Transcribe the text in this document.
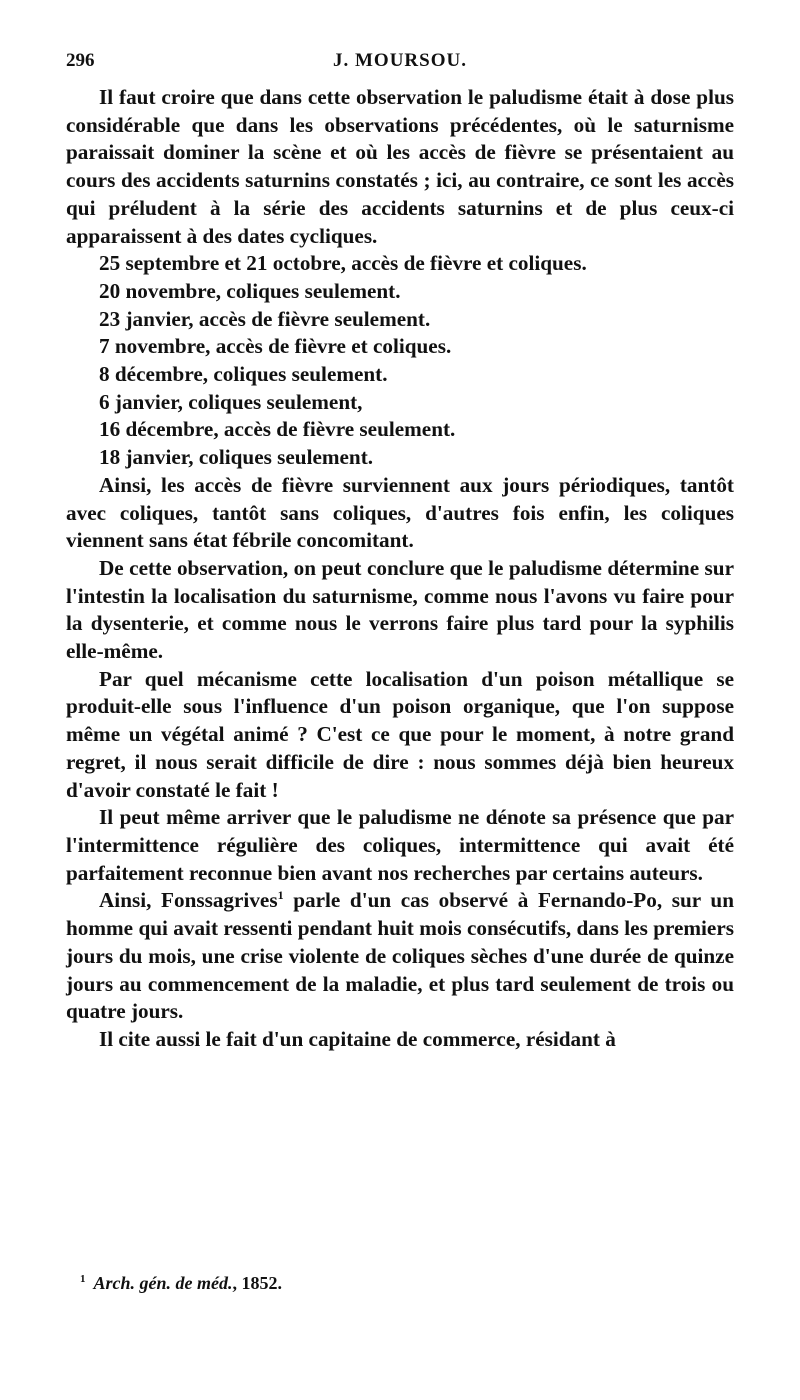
296	J. MOURSOU.

Il faut croire que dans cette observation le paludisme était à dose plus considérable que dans les observations précédentes, où le saturnisme paraissait dominer la scène et où les accès de fièvre se présentaient au cours des accidents saturnins constatés ; ici, au contraire, ce sont les accès qui préludent à la série des accidents saturnins et de plus ceux-ci apparaissent à des dates cycliques.

25 septembre et 21 octobre, accès de fièvre et coliques.
20 novembre, coliques seulement.
23 janvier, accès de fièvre seulement.
7 novembre, accès de fièvre et coliques.
8 décembre, coliques seulement.
6 janvier, coliques seulement,
16 décembre, accès de fièvre seulement.
18 janvier, coliques seulement.

Ainsi, les accès de fièvre surviennent aux jours périodiques, tantôt avec coliques, tantôt sans coliques, d'autres fois enfin, les coliques viennent sans état fébrile concomitant.

De cette observation, on peut conclure que le paludisme détermine sur l'intestin la localisation du saturnisme, comme nous l'avons vu faire pour la dysenterie, et comme nous le verrons faire plus tard pour la syphilis elle-même.

Par quel mécanisme cette localisation d'un poison métallique se produit-elle sous l'influence d'un poison organique, que l'on suppose même un végétal animé ? C'est ce que pour le moment, à notre grand regret, il nous serait difficile de dire : nous sommes déjà bien heureux d'avoir constaté le fait !

Il peut même arriver que le paludisme ne dénote sa présence que par l'intermittence régulière des coliques, intermittence qui avait été parfaitement reconnue bien avant nos recherches par certains auteurs.

Ainsi, Fonssagrives$^1$ parle d'un cas observé à Fernando-Po, sur un homme qui avait ressenti pendant huit mois consécutifs, dans les premiers jours du mois, une crise violente de coliques sèches d'une durée de quinze jours au commencement de la maladie, et plus tard seulement de trois ou quatre jours.

Il cite aussi le fait d'un capitaine de commerce, résidant à

$^1$ Arch. gén. de méd., 1852.
